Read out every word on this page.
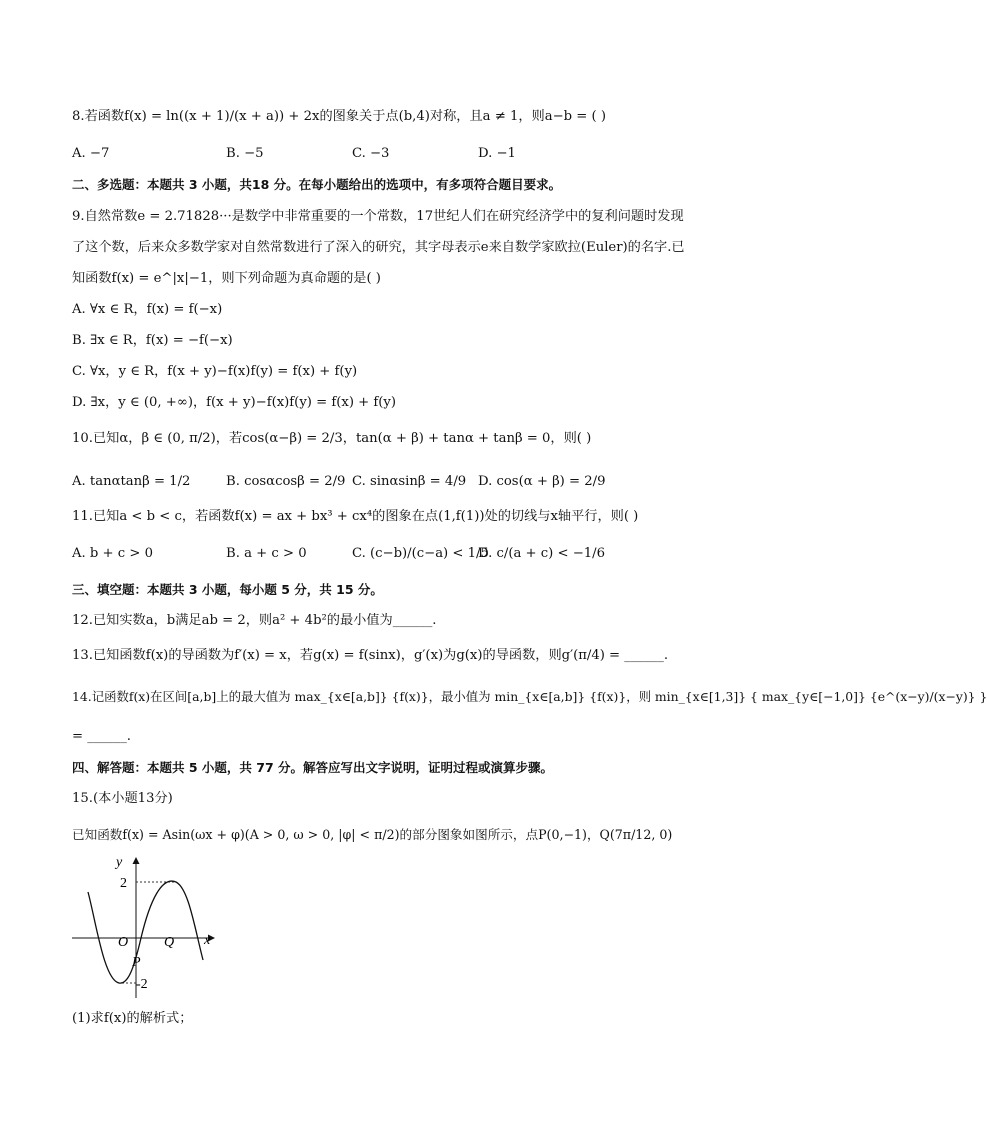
8.若函数f(x) = ln((x + 1)/(x + a)) + 2x的图象关于点(b,4)对称，且a ≠ 1，则a−b = ( )
A. −7	B. −5	C. −3	D. −1
二、多选题：本题共 3 小题，共18 分。在每小题给出的选项中，有多项符合题目要求。
9.自然常数e = 2.71828···是数学中非常重要的一个常数，17世纪人们在研究经济学中的复利问题时发现
了这个数，后来众多数学家对自然常数进行了深入的研究，其字母表示e来自数学家欧拉(Euler)的名字.已
知函数f(x) = e^|x|−1，则下列命题为真命题的是( )
A. ∀x ∈ R，f(x) = f(−x)
B. ∃x ∈ R，f(x) = −f(−x)
C. ∀x，y ∈ R，f(x + y)−f(x)f(y) = f(x) + f(y)
D. ∃x，y ∈ (0, +∞)，f(x + y)−f(x)f(y) = f(x) + f(y)
10.已知α，β ∈ (0, π/2)，若cos(α−β) = 2/3，tan(α + β) + tanα + tanβ = 0，则( )
A. tanαtanβ = 1/2	B. cosαcosβ = 2/9 C. sinαsinβ = 4/9 D. cos(α + β) = 2/9
11.已知a < b < c，若函数f(x) = ax + bx³ + cx⁴的图象在点(1,f(1))处的切线与x轴平行，则( )
A. b + c > 0	B. a + c > 0	C. (c−b)/(c−a) < 1/5
D. c/(a + c) < −1/6
三、填空题：本题共 3 小题，每小题 5 分，共 15 分。
12.已知实数a，b满足ab = 2，则a² + 4b²的最小值为______.
13.已知函数f(x)的导函数为f′(x) = x，若g(x) = f(sinx)，g′(x)为g(x)的导函数，则g′(π/4) = ______.
14.记函数f(x)在区间[a,b]上的最大值为 max_{x∈[a,b]} {f(x)}，最小值为 min_{x∈[a,b]} {f(x)}，则 min_{x∈[1,3]} { max_{y∈[−1,0]} {e^(x−y)/(x−y)} }
= ______.
四、解答题：本题共 5 小题，共 77 分。解答应写出文字说明，证明过程或演算步骤。
15.(本小题13分)
已知函数f(x) = Asin(ωx + φ)(A > 0, ω > 0, |φ| < π/2)的部分图象如图所示，点P(0,−1)，Q(7π/12, 0)
y
x
O
P
Q
2
-2
(1)求f(x)的解析式；
